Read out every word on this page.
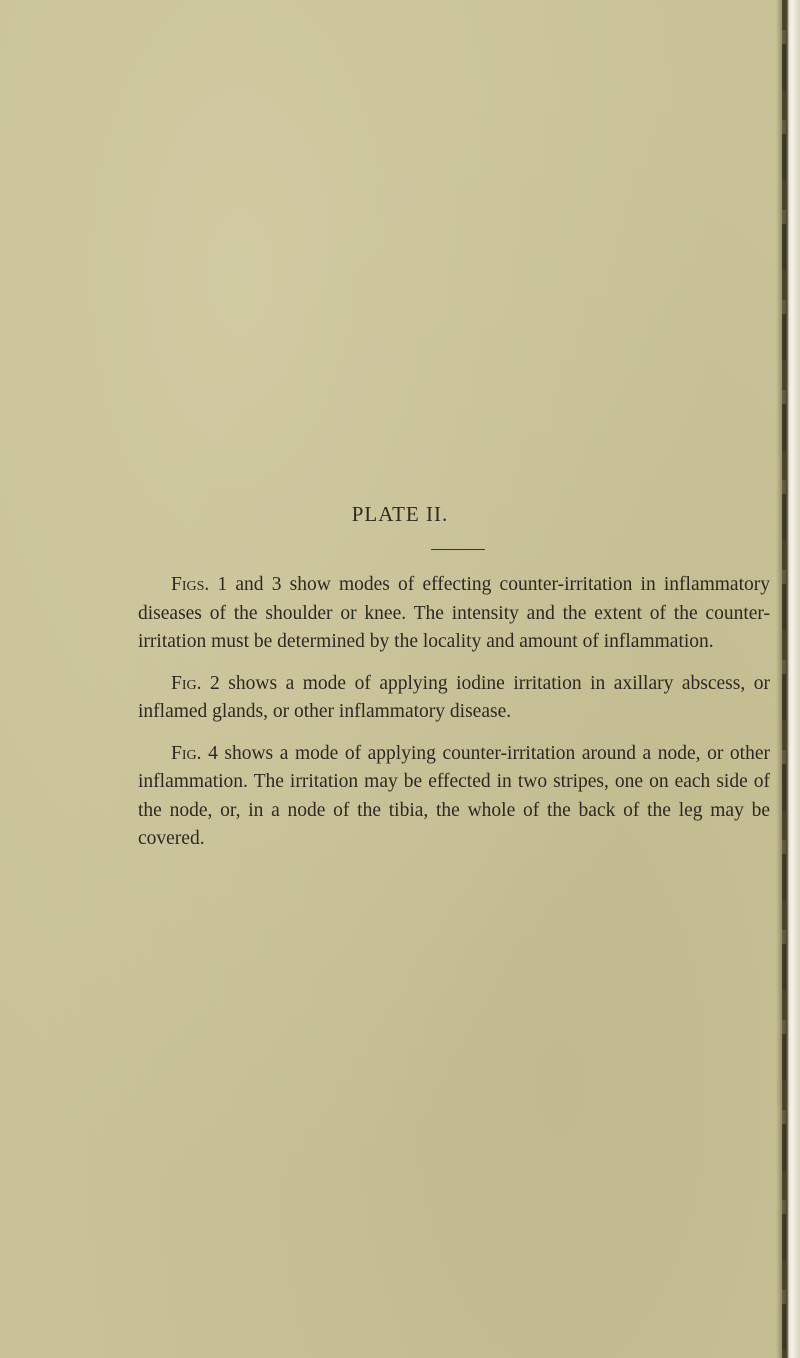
PLATE II.

Figs. 1 and 3 show modes of effecting counter-irritation in inflammatory diseases of the shoulder or knee. The intensity and the extent of the counter-irritation must be determined by the locality and amount of inflammation.

Fig. 2 shows a mode of applying iodine irritation in axillary abscess, or inflamed glands, or other inflammatory disease.

Fig. 4 shows a mode of applying counter-irritation around a node, or other inflammation. The irritation may be effected in two stripes, one on each side of the node, or, in a node of the tibia, the whole of the back of the leg may be covered.
